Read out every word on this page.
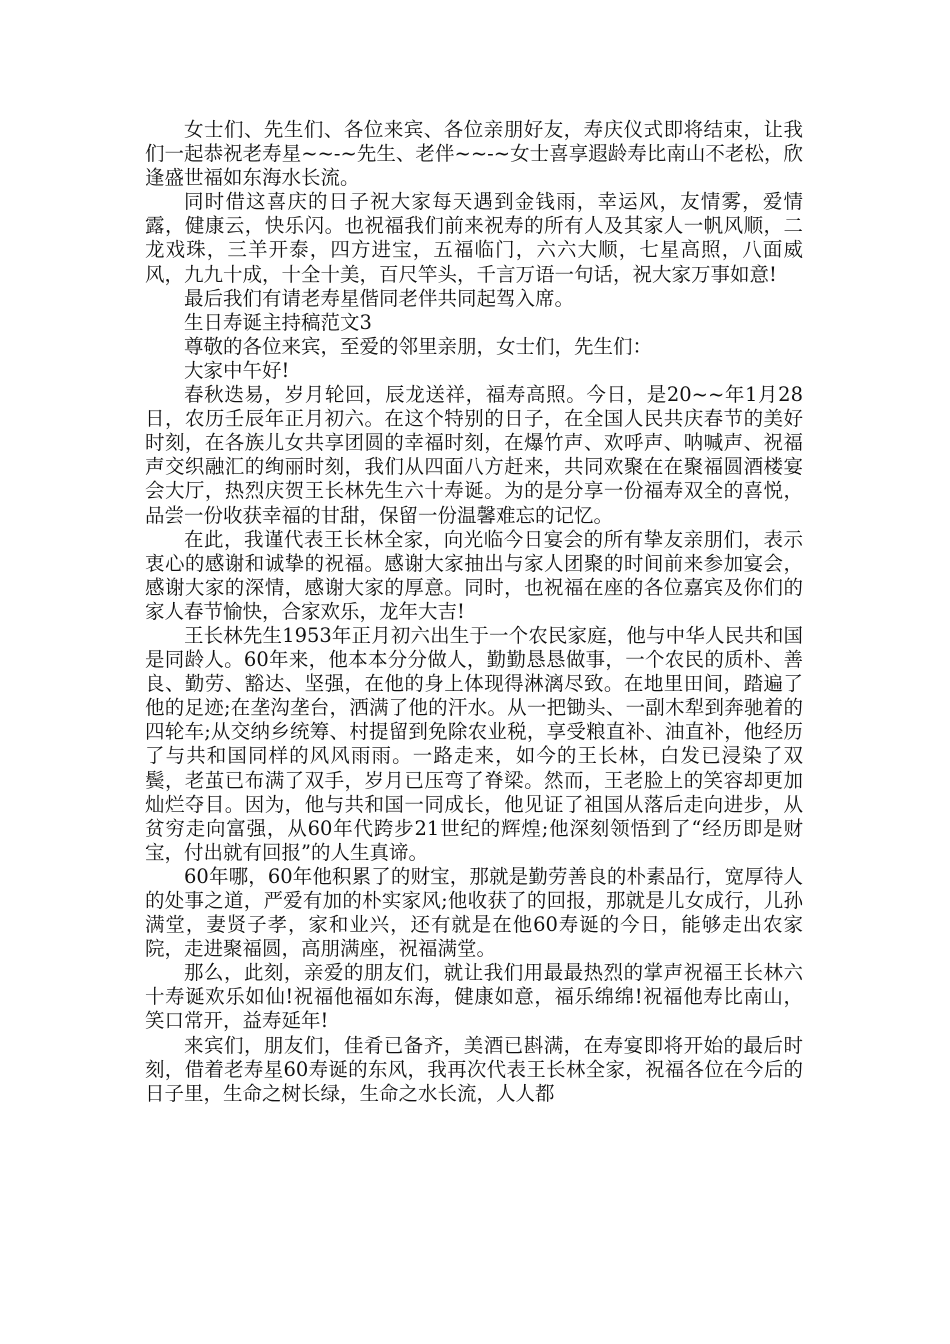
女士们、先生们、各位来宾、各位亲朋好友，寿庆仪式即将结束，让我们一起恭祝老寿星~~-~先生、老伴~~-~女士喜享遐龄寿比南山不老松，欣逢盛世福如东海水长流。

同时借这喜庆的日子祝大家每天遇到金钱雨，幸运风，友情雾，爱情露，健康云，快乐闪。也祝福我们前来祝寿的所有人及其家人一帆风顺，二龙戏珠，三羊开泰，四方进宝，五福临门，六六大顺，七星高照，八面威风，九九十成，十全十美，百尺竿头，千言万语一句话，祝大家万事如意!

最后我们有请老寿星偕同老伴共同起驾入席。

生日寿诞主持稿范文3

尊敬的各位来宾，至爱的邻里亲朋，女士们，先生们：

大家中午好!

春秋迭易，岁月轮回，辰龙送祥，福寿高照。今日，是20~~年1月28日，农历壬辰年正月初六。在这个特别的日子，在全国人民共庆春节的美好时刻，在各族儿女共享团圆的幸福时刻，在爆竹声、欢呼声、呐喊声、祝福声交织融汇的绚丽时刻，我们从四面八方赶来，共同欢聚在在聚福圆酒楼宴会大厅，热烈庆贺王长林先生六十寿诞。为的是分享一份福寿双全的喜悦，品尝一份收获幸福的甘甜，保留一份温馨难忘的记忆。

在此，我谨代表王长林全家，向光临今日宴会的所有挚友亲朋们，表示衷心的感谢和诚挚的祝福。感谢大家抽出与家人团聚的时间前来参加宴会，感谢大家的深情，感谢大家的厚意。同时，也祝福在座的各位嘉宾及你们的家人春节愉快，合家欢乐，龙年大吉!

王长林先生1953年正月初六出生于一个农民家庭，他与中华人民共和国是同龄人。60年来，他本本分分做人，勤勤恳恳做事，一个农民的质朴、善良、勤劳、豁达、坚强，在他的身上体现得淋漓尽致。在地里田间，踏遍了他的足迹;在垄沟垄台，洒满了他的汗水。从一把锄头、一副木犁到奔驰着的四轮车;从交纳乡统筹、村提留到免除农业税，享受粮直补、油直补，他经历了与共和国同样的风风雨雨。一路走来，如今的王长林，白发已浸染了双鬓，老茧已布满了双手，岁月已压弯了脊梁。然而，王老脸上的笑容却更加灿烂夺目。因为，他与共和国一同成长，他见证了祖国从落后走向进步，从贫穷走向富强，从60年代跨步21世纪的辉煌;他深刻领悟到了“经历即是财宝，付出就有回报”的人生真谛。

60年哪，60年他积累了的财宝，那就是勤劳善良的朴素品行，宽厚待人的处事之道，严爱有加的朴实家风;他收获了的回报，那就是儿女成行，儿孙满堂，妻贤子孝，家和业兴，还有就是在他60寿诞的今日，能够走出农家院，走进聚福圆，高朋满座，祝福满堂。

那么，此刻，亲爱的朋友们，就让我们用最最热烈的掌声祝福王长林六十寿诞欢乐如仙!祝福他福如东海，健康如意，福乐绵绵!祝福他寿比南山，笑口常开，益寿延年!

来宾们，朋友们，佳肴已备齐，美酒已斟满，在寿宴即将开始的最后时刻，借着老寿星60寿诞的东风，我再次代表王长林全家，祝福各位在今后的日子里，生命之树长绿，生命之水长流，人人都
